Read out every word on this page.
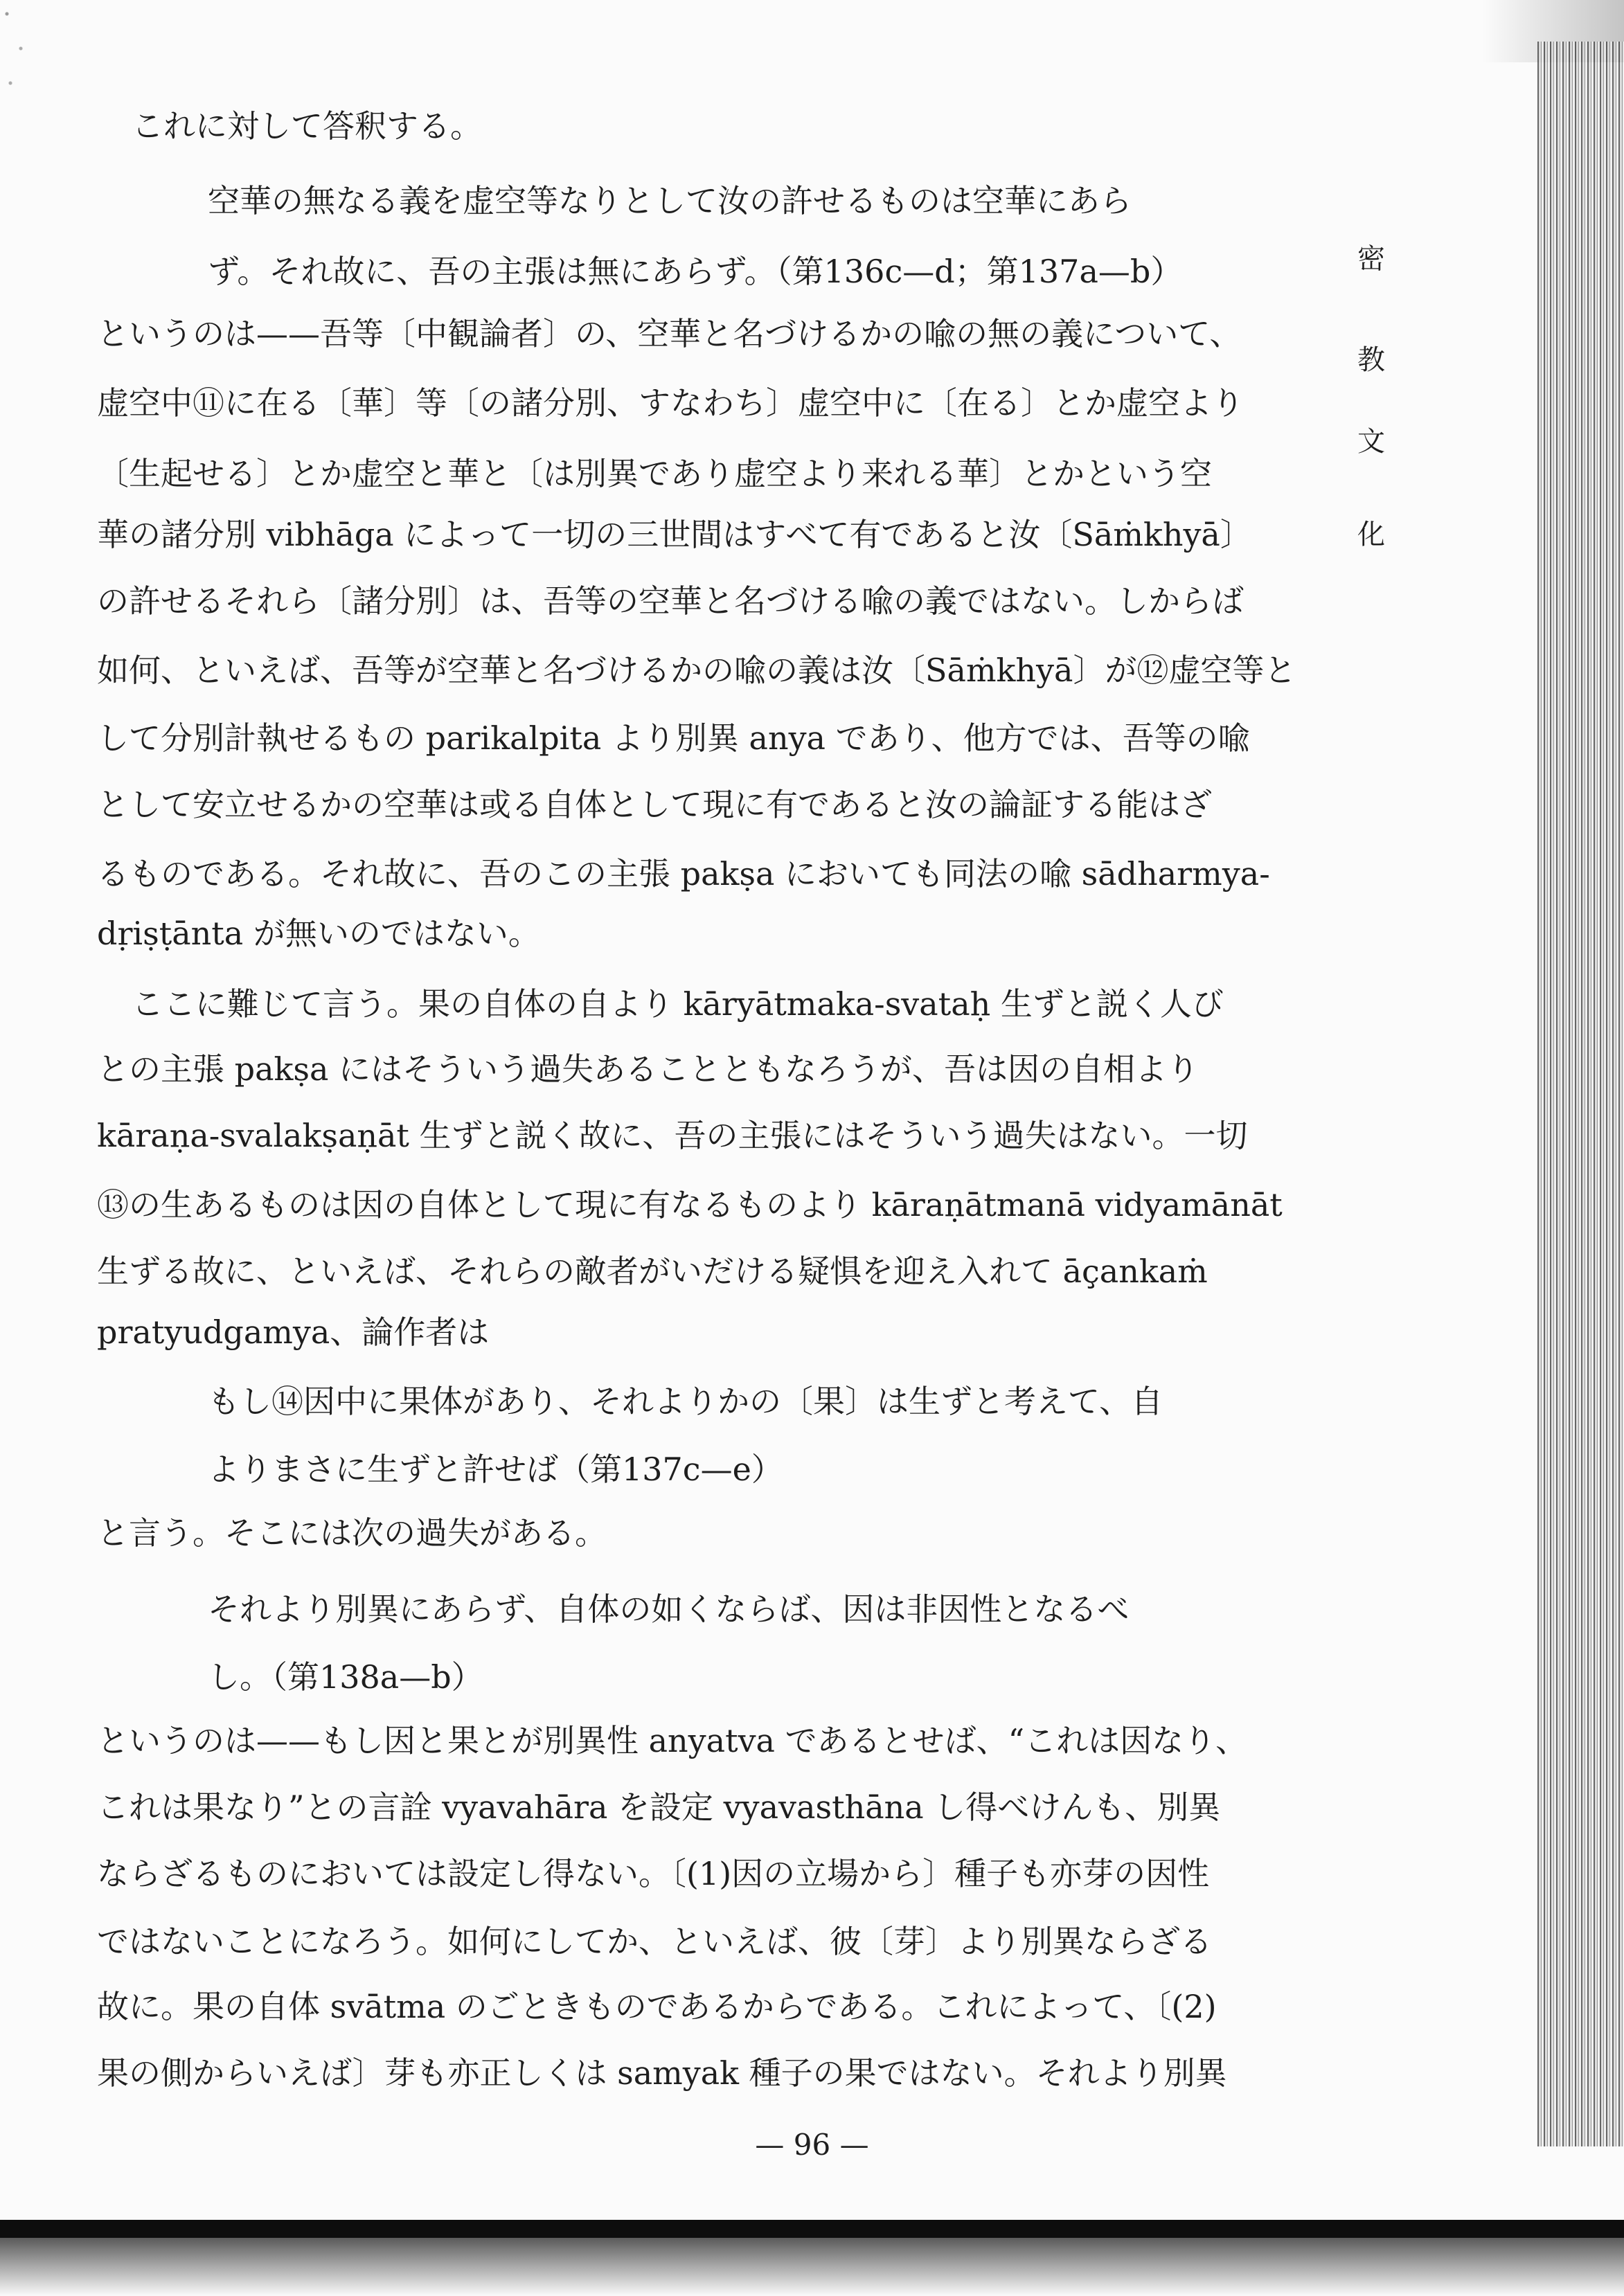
これに対して答釈する。
空華の無なる義を虚空等なりとして汝の許せるものは空華にあら
ず。それ故に、吾の主張は無にあらず。（第136c—d；第137a—b）
というのは——吾等〔中観論者〕の、空華と名づけるかの喩の無の義について、
虚空中⑪に在る〔華〕等〔の諸分別、すなわち〕虚空中に〔在る〕とか虚空より
〔生起せる〕とか虚空と華と〔は別異であり虚空より来れる華〕とかという空
華の諸分別 vibhāga によって一切の三世間はすべて有であると汝〔Sāṁkhyā〕
の許せるそれら〔諸分別〕は、吾等の空華と名づける喩の義ではない。しからば
如何、といえば、吾等が空華と名づけるかの喩の義は汝〔Sāṁkhyā〕が⑫虚空等と
して分別計執せるもの parikalpita より別異 anya であり、他方では、吾等の喩
として安立せるかの空華は或る自体として現に有であると汝の論証する能はざ
るものである。それ故に、吾のこの主張 pakṣa においても同法の喩 sādharmya-
dṛiṣṭānta が無いのではない。
ここに難じて言う。果の自体の自より kāryātmaka-svataḥ 生ずと説く人び
との主張 pakṣa にはそういう過失あることともなろうが、吾は因の自相より
kāraṇa-svalakṣaṇāt 生ずと説く故に、吾の主張にはそういう過失はない。一切
⑬の生あるものは因の自体として現に有なるものより kāraṇātmanā vidyamānāt
生ずる故に、といえば、それらの敵者がいだける疑惧を迎え入れて āçankaṁ
pratyudgamya、論作者は
もし⑭因中に果体があり、それよりかの〔果〕は生ずと考えて、自
よりまさに生ずと許せば（第137c—e）
と言う。そこには次の過失がある。
それより別異にあらず、自体の如くならば、因は非因性となるべ
し。（第138a—b）
というのは——もし因と果とが別異性 anyatva であるとせば、“これは因なり、
これは果なり”との言詮 vyavahāra を設定 vyavasthāna し得べけんも、別異
ならざるものにおいては設定し得ない。〔(1)因の立場から〕種子も亦芽の因性
ではないことになろう。如何にしてか、といえば、彼〔芽〕より別異ならざる
故に。果の自体 svātma のごときものであるからである。これによって、〔(2)
果の側からいえば〕芽も亦正しくは samyak 種子の果ではない。それより別異
密
教
文
化
— 96 —
